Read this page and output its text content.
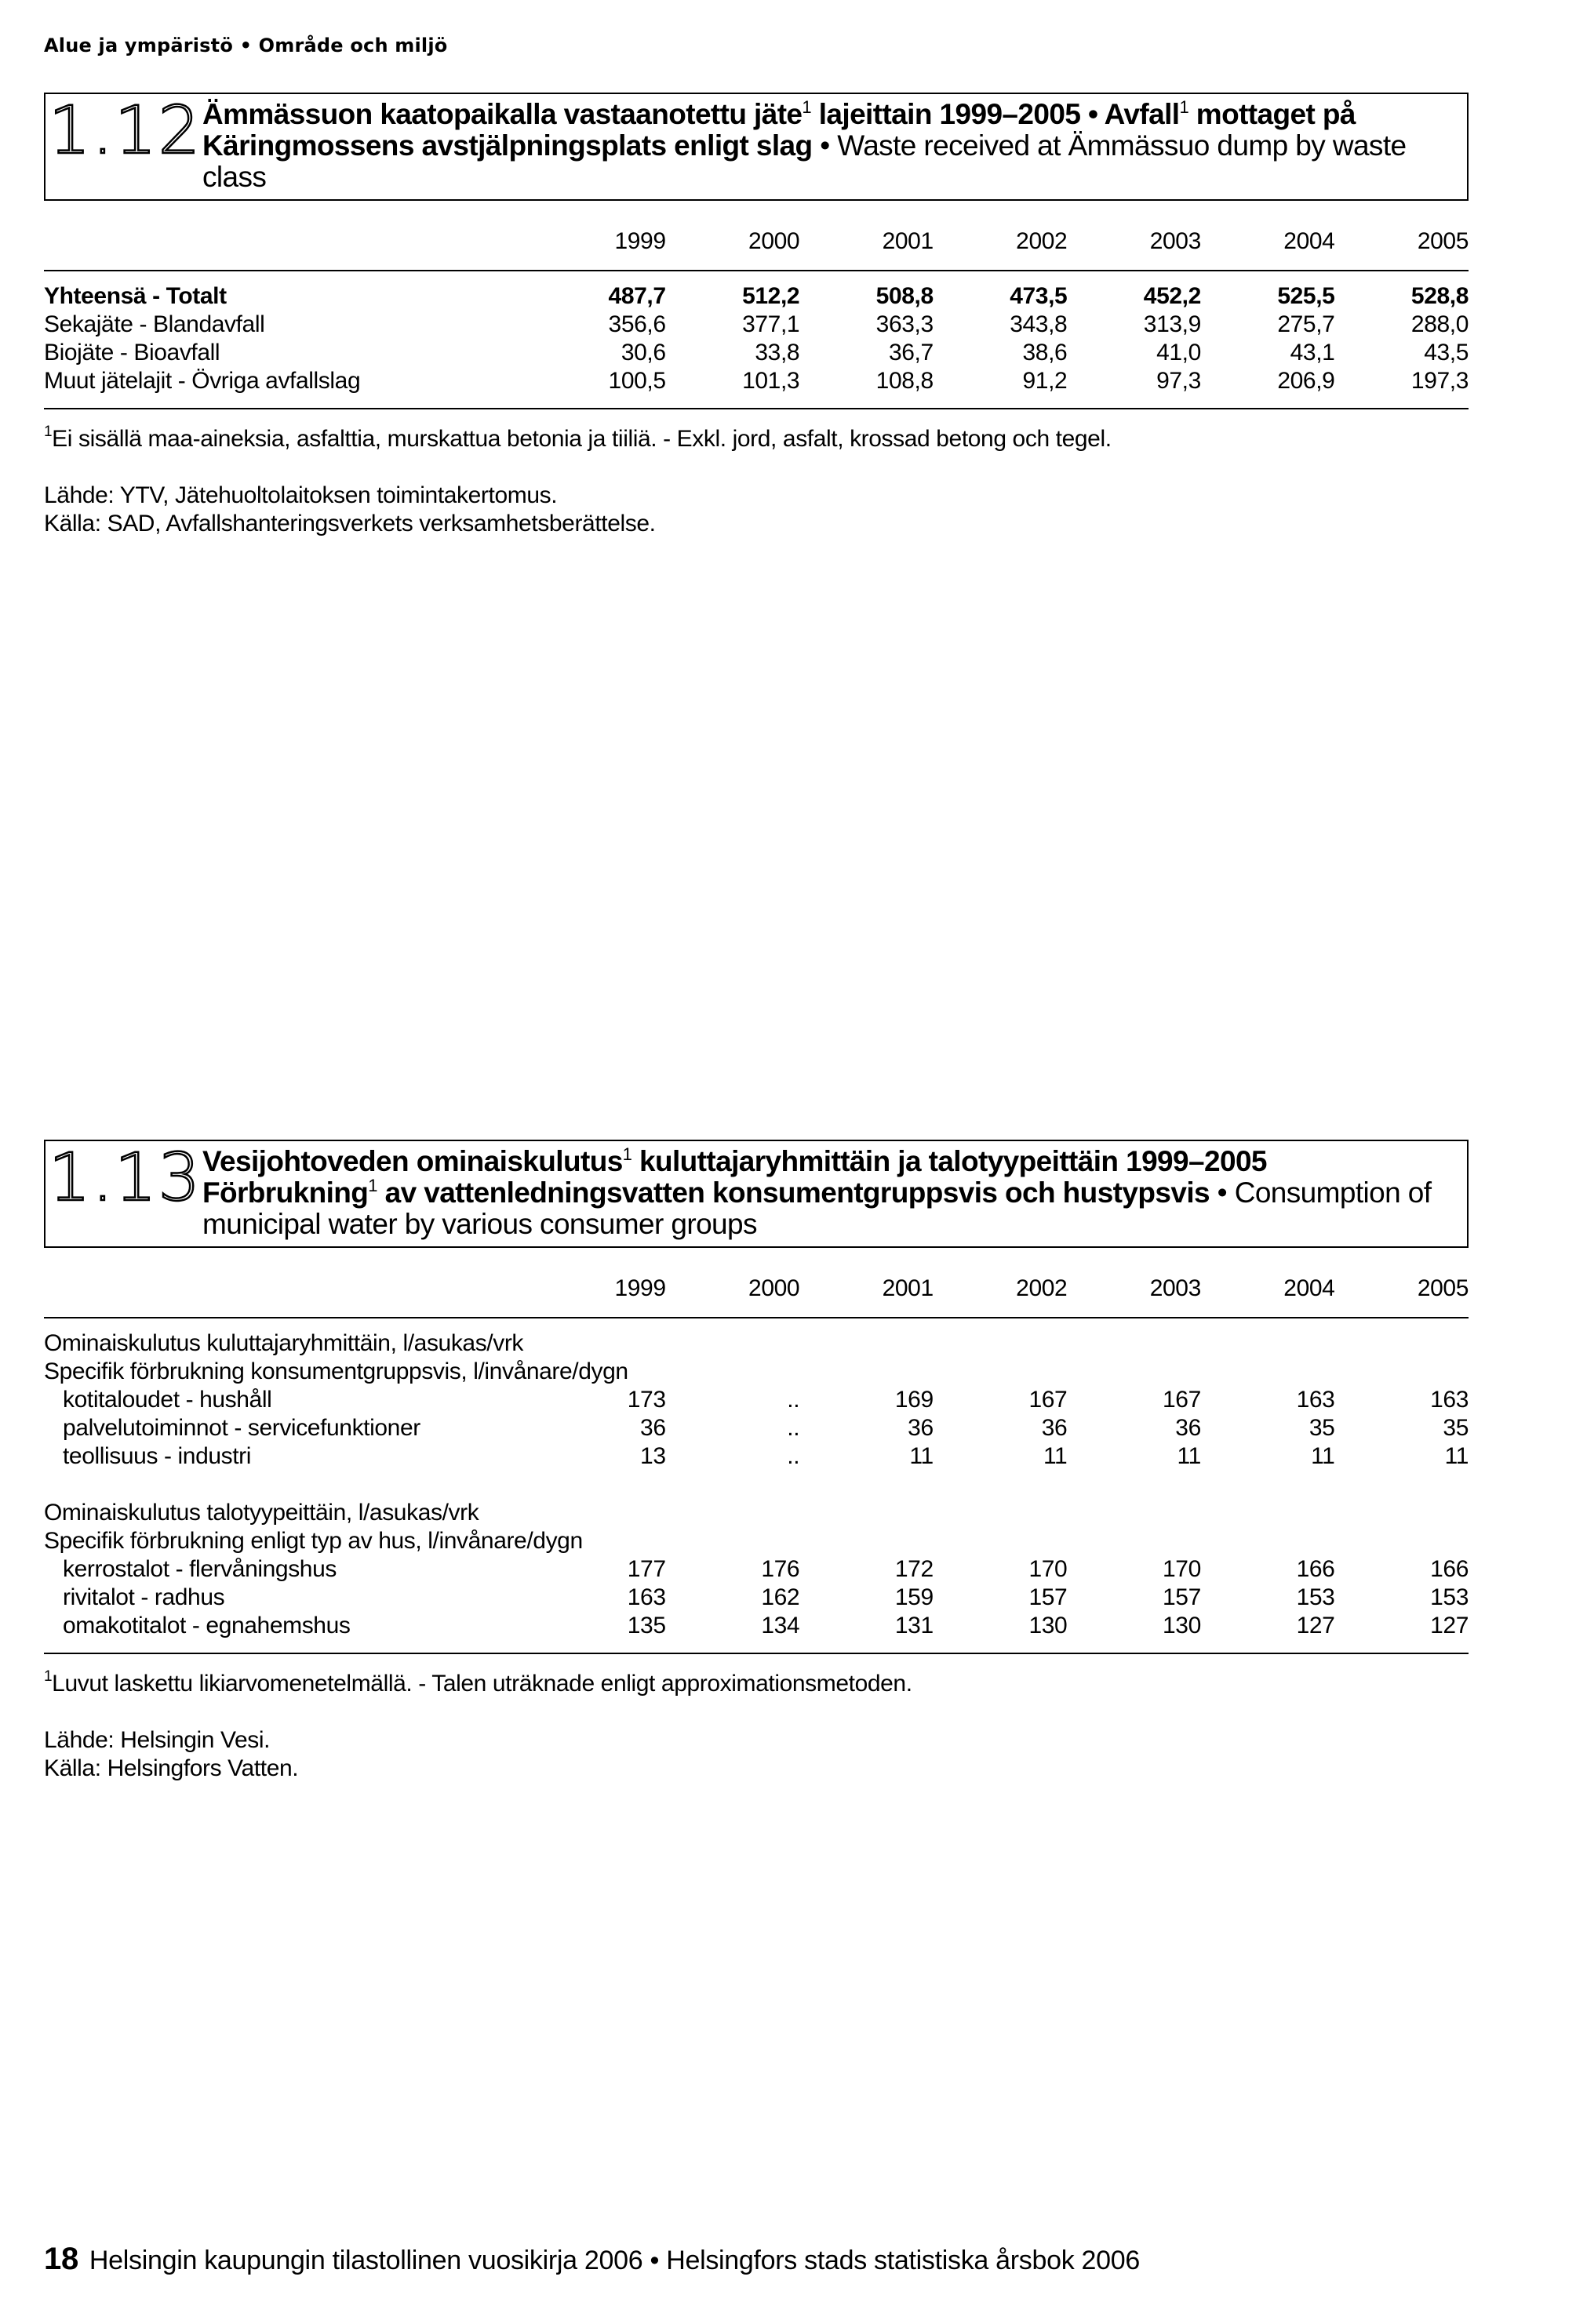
Alue ja ympäristö • Område och miljö
1.12 Ämmässuon kaatopaikalla vastaanotettu jäte$^1$ lajeittain 1999–2005 • Avfall$^1$ mottaget på Käringmossens avstjälpningsplats enligt slag • Waste received at Ämmässuo dump by waste class
	1999	2000	2001	2002	2003	2004	2005
Yhteensä - Totalt	487,7	512,2	508,8	473,5	452,2	525,5	528,8
Sekajäte - Blandavfall	356,6	377,1	363,3	343,8	313,9	275,7	288,0
Biojäte - Bioavfall	30,6	33,8	36,7	38,6	41,0	43,1	43,5
Muut jätelajit - Övriga avfallslag	100,5	101,3	108,8	91,2	97,3	206,9	197,3
$^1$Ei sisällä maa-aineksia, asfalttia, murskattua betonia ja tiiliä. - Exkl. jord, asfalt, krossad betong och tegel.
Lähde: YTV, Jätehuoltolaitoksen toimintakertomus.
Källa: SAD, Avfallshanteringsverkets verksamhetsberättelse.
1.13 Vesijohtoveden ominaiskulutus$^1$ kuluttajaryhmittäin ja talotyypeittäin 1999–2005 Förbrukning$^1$ av vattenledningsvatten konsumentgruppsvis och hustypsvis • Consumption of municipal water by various consumer groups
	1999	2000	2001	2002	2003	2004	2005
Ominaiskulutus kuluttajaryhmittäin, l/asukas/vrk							
Specifik förbrukning konsumentgruppsvis, l/invånare/dygn							
kotitaloudet - hushåll	173	..	169	167	167	163	163
palvelutoiminnot - servicefunktioner	36	..	36	36	36	35	35
teollisuus - industri	13	..	11	11	11	11	11

Ominaiskulutus talotyypeittäin, l/asukas/vrk							
Specifik förbrukning enligt typ av hus, l/invånare/dygn							
kerrostalot - flervåningshus	177	176	172	170	170	166	166
rivitalot - radhus	163	162	159	157	157	153	153
omakotitalot - egnahemshus	135	134	131	130	130	127	127
$^1$Luvut laskettu likiarvomenetelmällä. - Talen uträknade enligt approximationsmetoden.
Lähde: Helsingin Vesi.
Källa: Helsingfors Vatten.
18 Helsingin kaupungin tilastollinen vuosikirja 2006 • Helsingfors stads statistiska årsbok 2006
